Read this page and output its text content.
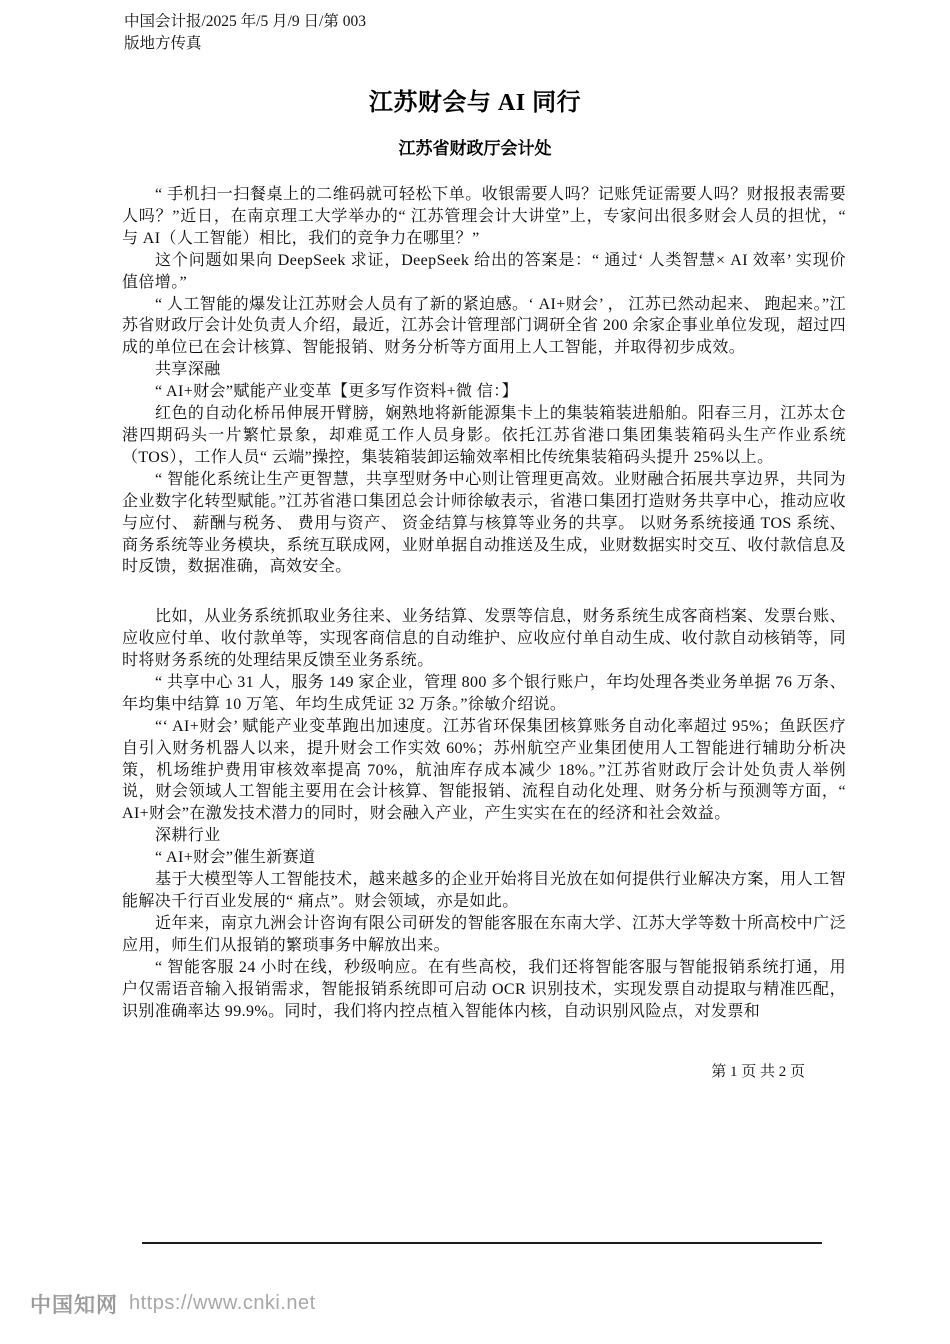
中国会计报/2025 年/5 月/9 日/第 003
版地方传真
江苏财会与 AI 同行
江苏省财政厅会计处

“ 手机扫一扫餐桌上的二维码就可轻松下单。收银需要人吗？记账凭证需要人吗？财报报表需要人吗？”近日，在南京理工大学举办的“ 江苏管理会计大讲堂”上，专家问出很多财会人员的担忧，“ 与 AI（人工智能）相比，我们的竞争力在哪里？”

这个问题如果向 DeepSeek 求证，DeepSeek 给出的答案是：“ 通过‘ 人类智慧× AI 效率’ 实现价值倍增。”

“ 人工智能的爆发让江苏财会人员有了新的紧迫感。‘ AI+财会’ ， 江苏已然动起来、 跑起来。”江苏省财政厅会计处负责人介绍，最近，江苏会计管理部门调研全省 200 余家企事业单位发现，超过四成的单位已在会计核算、智能报销、财务分析等方面用上人工智能，并取得初步成效。

共享深融

“ AI+财会”赋能产业变革【更多写作资料+微 信：】

红色的自动化桥吊伸展开臂膀，娴熟地将新能源集卡上的集装箱装进船舶。阳春三月，江苏太仓港四期码头一片繁忙景象，却难觅工作人员身影。依托江苏省港口集团集装箱码头生产作业系统（TOS），工作人员“ 云端”操控，集装箱装卸运输效率相比传统集装箱码头提升 25%以上。

“ 智能化系统让生产更智慧，共享型财务中心则让管理更高效。业财融合拓展共享边界，共同为企业数字化转型赋能。”江苏省港口集团总会计师徐敏表示，省港口集团打造财务共享中心，推动应收与应付、 薪酬与税务、 费用与资产、 资金结算与核算等业务的共享。 以财务系统接通 TOS 系统、商务系统等业务模块，系统互联成网，业财单据自动推送及生成，业财数据实时交互、收付款信息及时反馈，数据准确，高效安全。

比如，从业务系统抓取业务往来、业务结算、发票等信息，财务系统生成客商档案、发票台账、应收应付单、收付款单等，实现客商信息的自动维护、应收应付单自动生成、收付款自动核销等，同时将财务系统的处理结果反馈至业务系统。

“ 共享中心 31 人，服务 149 家企业，管理 800 多个银行账户，年均处理各类业务单据 76 万条、年均集中结算 10 万笔、年均生成凭证 32 万条。”徐敏介绍说。

“‘ AI+财会’ 赋能产业变革跑出加速度。江苏省环保集团核算账务自动化率超过 95%；鱼跃医疗自引入财务机器人以来，提升财会工作实效 60%；苏州航空产业集团使用人工智能进行辅助分析决策，机场维护费用审核效率提高 70%，航油库存成本减少 18%。”江苏省财政厅会计处负责人举例说，财会领域人工智能主要用在会计核算、智能报销、流程自动化处理、财务分析与预测等方面，“ AI+财会”在激发技术潜力的同时，财会融入产业，产生实实在在的经济和社会效益。

深耕行业

“ AI+财会”催生新赛道

基于大模型等人工智能技术，越来越多的企业开始将目光放在如何提供行业解决方案，用人工智能解决千行百业发展的“ 痛点”。财会领域，亦是如此。

近年来，南京九洲会计咨询有限公司研发的智能客服在东南大学、江苏大学等数十所高校中广泛应用，师生们从报销的繁琐事务中解放出来。

“ 智能客服 24 小时在线，秒级响应。在有些高校，我们还将智能客服与智能报销系统打通，用户仅需语音输入报销需求，智能报销系统即可启动 OCR 识别技术，实现发票自动提取与精准匹配，识别准确率达 99.9%。同时，我们将内控点植入智能体内核，自动识别风险点，对发票和

第 1 页 共 2 页
中国知网 https://www.cnki.net
